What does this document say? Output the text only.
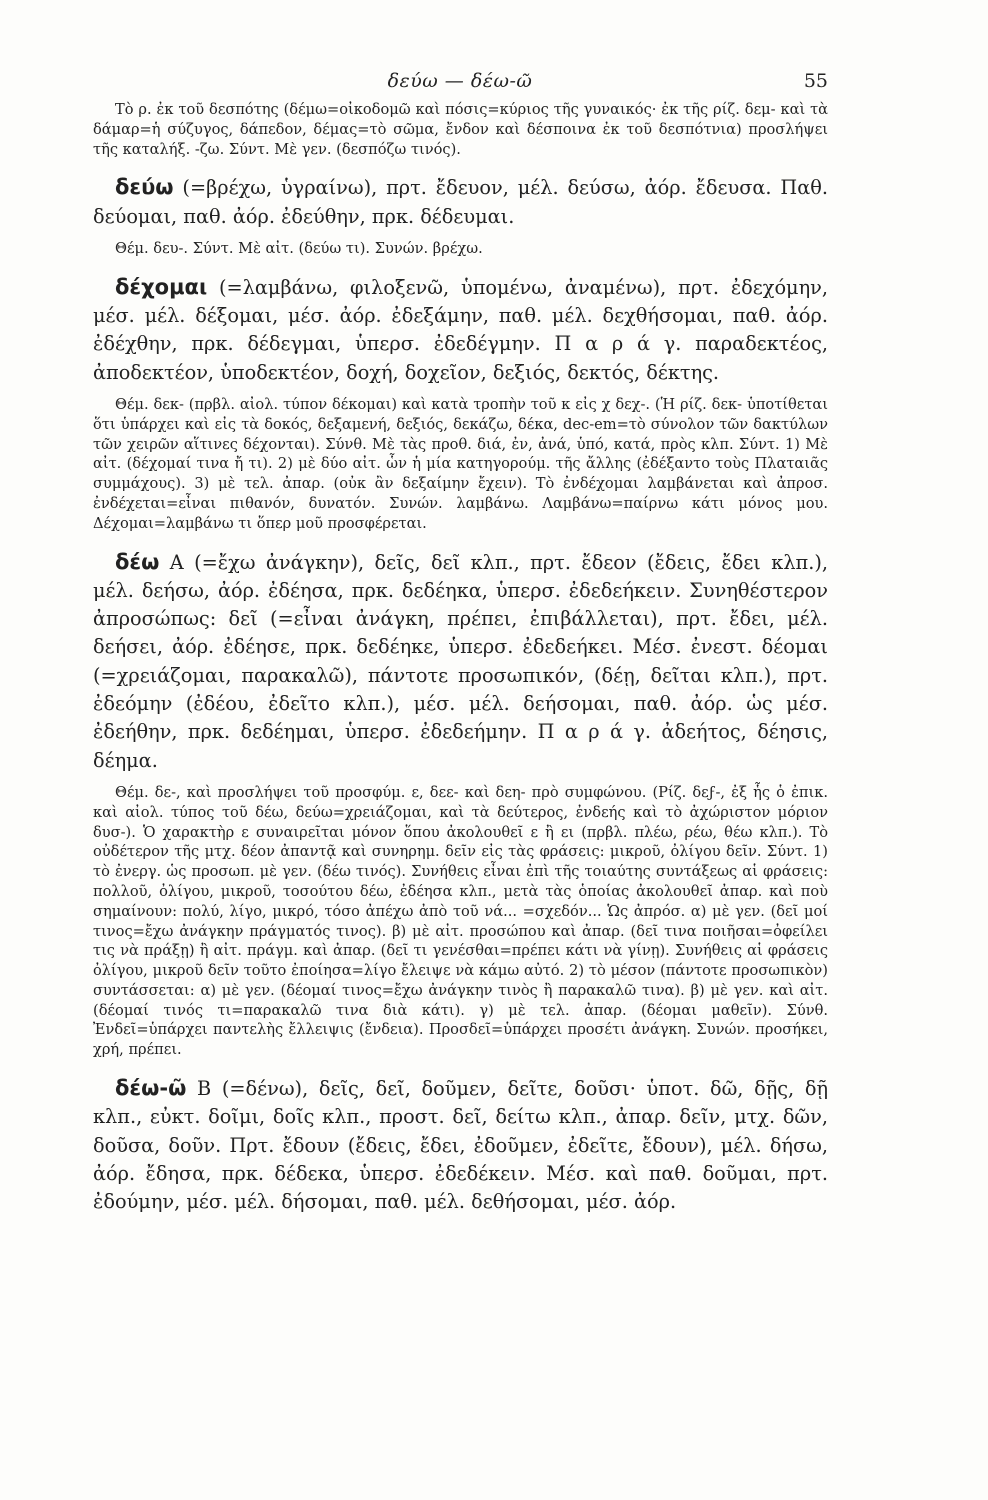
δεύω — δέω-ῶ	55

Τὸ ρ. ἐκ τοῦ δεσπότης (δέμω=οἰκοδομῶ καὶ πόσις=κύριος τῆς γυναικός· ἐκ τῆς ρίζ. δεμ- καὶ τὰ δάμαρ=ἡ σύζυγος, δάπεδον, δέμας=τὸ σῶμα, ἔνδον καὶ δέσποινα ἐκ τοῦ δεσπότνια) προσλήψει τῆς καταλήξ. -ζω. Σύντ. Μὲ γεν. (δεσπόζω τινός).

δεύω (=βρέχω, ὑγραίνω), πρτ. ἔδευον, μέλ. δεύσω, ἀόρ. ἔδευσα. Παθ. δεύομαι, παθ. ἀόρ. ἐδεύθην, πρκ. δέδευμαι.

Θέμ. δευ-. Σύντ. Μὲ αἰτ. (δεύω τι). Συνών. βρέχω.

δέχομαι (=λαμβάνω, φιλοξενῶ, ὑπομένω, ἀναμένω), πρτ. ἐδεχόμην, μέσ. μέλ. δέξομαι, μέσ. ἀόρ. ἐδεξάμην, παθ. μέλ. δεχθήσομαι, παθ. ἀόρ. ἐδέχθην, πρκ. δέδεγμαι, ὑπερσ. ἐδεδέγμην. Π α ρ ά γ. παραδεκτέος, ἀποδεκτέον, ὑποδεκτέον, δοχή, δοχεῖον, δεξιός, δεκτός, δέκτης.

Θέμ. δεκ- (πρβλ. αἰολ. τύπον δέκομαι) καὶ κατὰ τροπὴν τοῦ κ εἰς χ δεχ-. (Ἡ ρίζ. δεκ- ὑποτίθεται ὅτι ὑπάρχει καὶ εἰς τὰ δοκός, δεξαμενή, δεξιός, δεκάζω, δέκα, dec-em=τὸ σύνολον τῶν δακτύλων τῶν χειρῶν αἵτινες δέχονται). Σύνθ. Μὲ τὰς προθ. διά, ἐν, ἀνά, ὑπό, κατά, πρὸς κλπ. Σύντ. 1) Μὲ αἰτ. (δέχομαί τινα ἤ τι). 2) μὲ δύο αἰτ. ὧν ἡ μία κατηγορούμ. τῆς ἄλλης (ἐδέξαντο τοὺς Πλαταιᾶς συμμάχους). 3) μὲ τελ. ἀπαρ. (οὐκ ἂν δεξαίμην ἔχειν). Τὸ ἐνδέχομαι λαμβάνεται καὶ ἀπροσ. ἐνδέχεται=εἶναι πιθανόν, δυνατόν. Συνών. λαμβάνω. Λαμβάνω=παίρνω κάτι μόνος μου. Δέχομαι=λαμβάνω τι ὅπερ μοῦ προσφέρεται.

δέω Α (=ἔχω ἀνάγκην), δεῖς, δεῖ κλπ., πρτ. ἔδεον (ἔδεις, ἔδει κλπ.), μέλ. δεήσω, ἀόρ. ἐδέησα, πρκ. δεδέηκα, ὑπερσ. ἐδεδεήκειν. Συνηθέστερον ἀπροσώπως: δεῖ (=εἶναι ἀνάγκη, πρέπει, ἐπιβάλλεται), πρτ. ἔδει, μέλ. δεήσει, ἀόρ. ἐδέησε, πρκ. δεδέηκε, ὑπερσ. ἐδεδεήκει. Μέσ. ἐνεστ. δέομαι (=χρειάζομαι, παρακαλῶ), πάντοτε προσωπικόν, (δέῃ, δεῖται κλπ.), πρτ. ἐδεόμην (ἐδέου, ἐδεῖτο κλπ.), μέσ. μέλ. δεήσομαι, παθ. ἀόρ. ὡς μέσ. ἐδεήθην, πρκ. δεδέημαι, ὑπερσ. ἐδεδεήμην. Π α ρ ά γ. ἀδεήτος, δέησις, δέημα.

Θέμ. δε-, καὶ προσλήψει τοῦ προσφύμ. ε, δεε- καὶ δεη- πρὸ συμφώνου. (Ρίζ. δεϝ-, ἐξ ἧς ὁ ἐπικ. καὶ αἰολ. τύπος τοῦ δέω, δεύω=χρειάζομαι, καὶ τὰ δεύτερος, ἐνδεής καὶ τὸ ἀχώριστον μόριον δυσ-). Ὁ χαρακτὴρ ε συναιρεῖται μόνον ὅπου ἀκολουθεῖ ε ἢ ει (πρβλ. πλέω, ρέω, θέω κλπ.). Τὸ οὐδέτερον τῆς μτχ. δέον ἀπαντᾷ καὶ συνηρημ. δεῖν εἰς τὰς φράσεις: μικροῦ, ὀλίγου δεῖν. Σύντ. 1) τὸ ἐνεργ. ὡς προσωπ. μὲ γεν. (δέω τινός). Συνήθεις εἶναι ἐπὶ τῆς τοιαύτης συντάξεως αἱ φράσεις: πολλοῦ, ὀλίγου, μικροῦ, τοσούτου δέω, ἐδέησα κλπ., μετὰ τὰς ὁποίας ἀκολουθεῖ ἀπαρ. καὶ ποὺ σημαίνουν: πολύ, λίγο, μικρό, τόσο ἀπέχω ἀπὸ τοῦ νά... =σχεδόν... Ὡς ἀπρόσ. α) μὲ γεν. (δεῖ μοί τινος=ἔχω ἀνάγκην πράγματός τινος). β) μὲ αἰτ. προσώπου καὶ ἀπαρ. (δεῖ τινα ποιῆσαι=ὀφείλει τις νὰ πράξῃ) ἢ αἰτ. πράγμ. καὶ ἀπαρ. (δεῖ τι γενέσθαι=πρέπει κάτι νὰ γίνῃ). Συνήθεις αἱ φράσεις ὀλίγου, μικροῦ δεῖν τοῦτο ἐποίησα=λίγο ἔλειψε νὰ κάμω αὐτό. 2) τὸ μέσον (πάντοτε προσωπικὸν) συντάσσεται: α) μὲ γεν. (δέομαί τινος=ἔχω ἀνάγκην τινὸς ἢ παρακαλῶ τινα). β) μὲ γεν. καὶ αἰτ. (δέομαί τινός τι=παρακαλῶ τινα διὰ κάτι). γ) μὲ τελ. ἀπαρ. (δέομαι μαθεῖν). Σύνθ. Ἐνδεῖ=ὑπάρχει παντελὴς ἔλλειψις (ἔνδεια). Προσδεῖ=ὑπάρχει προσέτι ἀνάγκη. Συνών. προσήκει, χρή, πρέπει.

δέω-ῶ Β (=δένω), δεῖς, δεῖ, δοῦμεν, δεῖτε, δοῦσι· ὑποτ. δῶ, δῇς, δῇ κλπ., εὐκτ. δοῖμι, δοῖς κλπ., προστ. δεῖ, δείτω κλπ., ἀπαρ. δεῖν, μτχ. δῶν, δοῦσα, δοῦν. Πρτ. ἔδουν (ἔδεις, ἔδει, ἐδοῦμεν, ἐδεῖτε, ἔδουν), μέλ. δήσω, ἀόρ. ἔδησα, πρκ. δέδεκα, ὑπερσ. ἐδεδέκειν. Μέσ. καὶ παθ. δοῦμαι, πρτ. ἐδούμην, μέσ. μέλ. δήσομαι, παθ. μέλ. δεθήσομαι, μέσ. ἀόρ.
